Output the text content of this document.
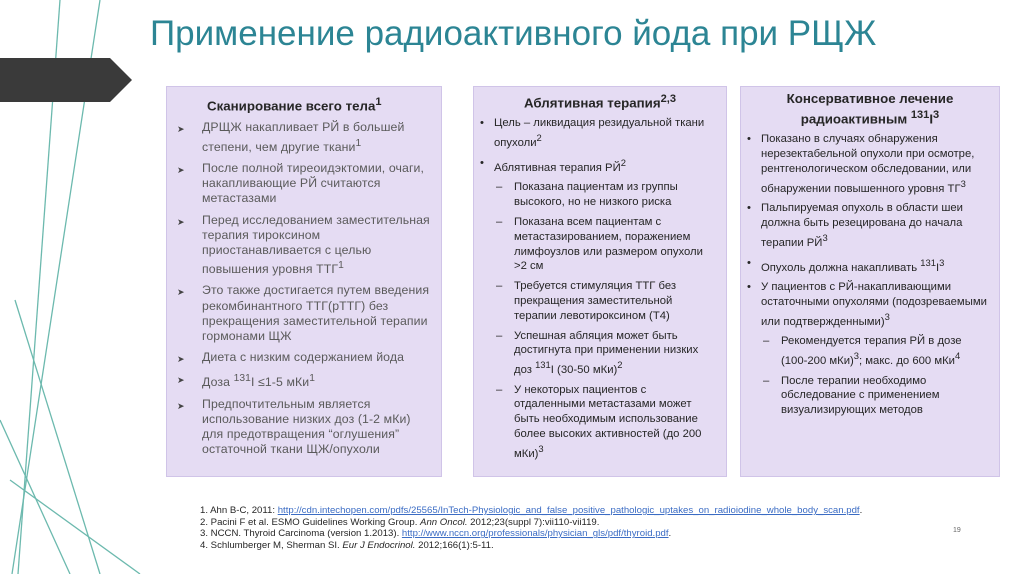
Применение радиоактивного йода при РЩЖ
Сканирование всего тела$^1$
➤ ДРЩЖ накапливает РЙ в большей степени, чем другие ткани$^1$
➤ После полной тиреоидэктомии, очаги, накапливающие РЙ считаются метастазами
➤ Перед исследованием заместительная терапия тироксином приостанавливается с целью повышения уровня ТТГ$^1$
➤ Это также достигается путем введения рекомбинантного ТТГ(рТТГ) без прекращения заместительной терапии гормонами ЩЖ
➤ Диета с низким содержанием йода
➤ Доза $^{131}$I ≤1-5 мКи$^1$
➤ Предпочтительным является использование низких доз (1-2 мКи) для предотвращения “оглушения” остаточной ткани ЩЖ/опухоли
Аблятивная терапия$^{2,3}$
• Цель – ликвидация резидуальной ткани опухоли$^2$
• Аблятивная терапия $РЙ^2$
– Показана пациентам из группы высокого, но не низкого риска
– Показана всем пациентам с метастазированием, поражением лимфоузлов или размером опухоли >2 см
– Требуется стимуляция ТТГ без прекращения заместительной терапии левотироксином (Т4)
– Успешная абляция может быть достигнута при применении низких доз $^{131}$I (30-50 мКи)$^2$
– У некоторых пациентов с отдаленными метастазами может быть необходимым использование более высоких активностей (до 200 мКи)$^3$
Консервативное лечение
радиоактивным $^{131}I^3$
• Показано в случаях обнаружения нерезектабельной опухоли при осмотре, рентгенологическом обследовании, или обнаружении повышенного уровня $ТГ^3$
• Пальпируемая опухоль в области шеи должна быть резецирована до начала терапии $РЙ^3$
• Опухоль должна накапливать $^{131}I^3$
• У пациентов с РЙ-накапливающими остаточными опухолями (подозреваемыми или подтвержденными)$^3$
– Рекомендуется терапия РЙ в дозе (100-200 мКи)$^3$; макс. до 600 мКи$^4$
– После терапии необходимо обследование с применением визуализирующих методов
1. Ahn B-C, 2011: http://cdn.intechopen.com/pdfs/25565/InTech-Physiologic_and_false_positive_pathologic_uptakes_on_radioiodine_whole_body_scan.pdf.
2. Pacini F et al. ESMO Guidelines Working Group. Ann Oncol. 2012;23(suppl 7):vii110-vii119.
3. NCCN. Thyroid Carcinoma (version 1.2013). http://www.nccn.org/professionals/physician_gls/pdf/thyroid.pdf.
4. Schlumberger M, Sherman SI. Eur J Endocrinol. 2012;166(1):5-11.
19
